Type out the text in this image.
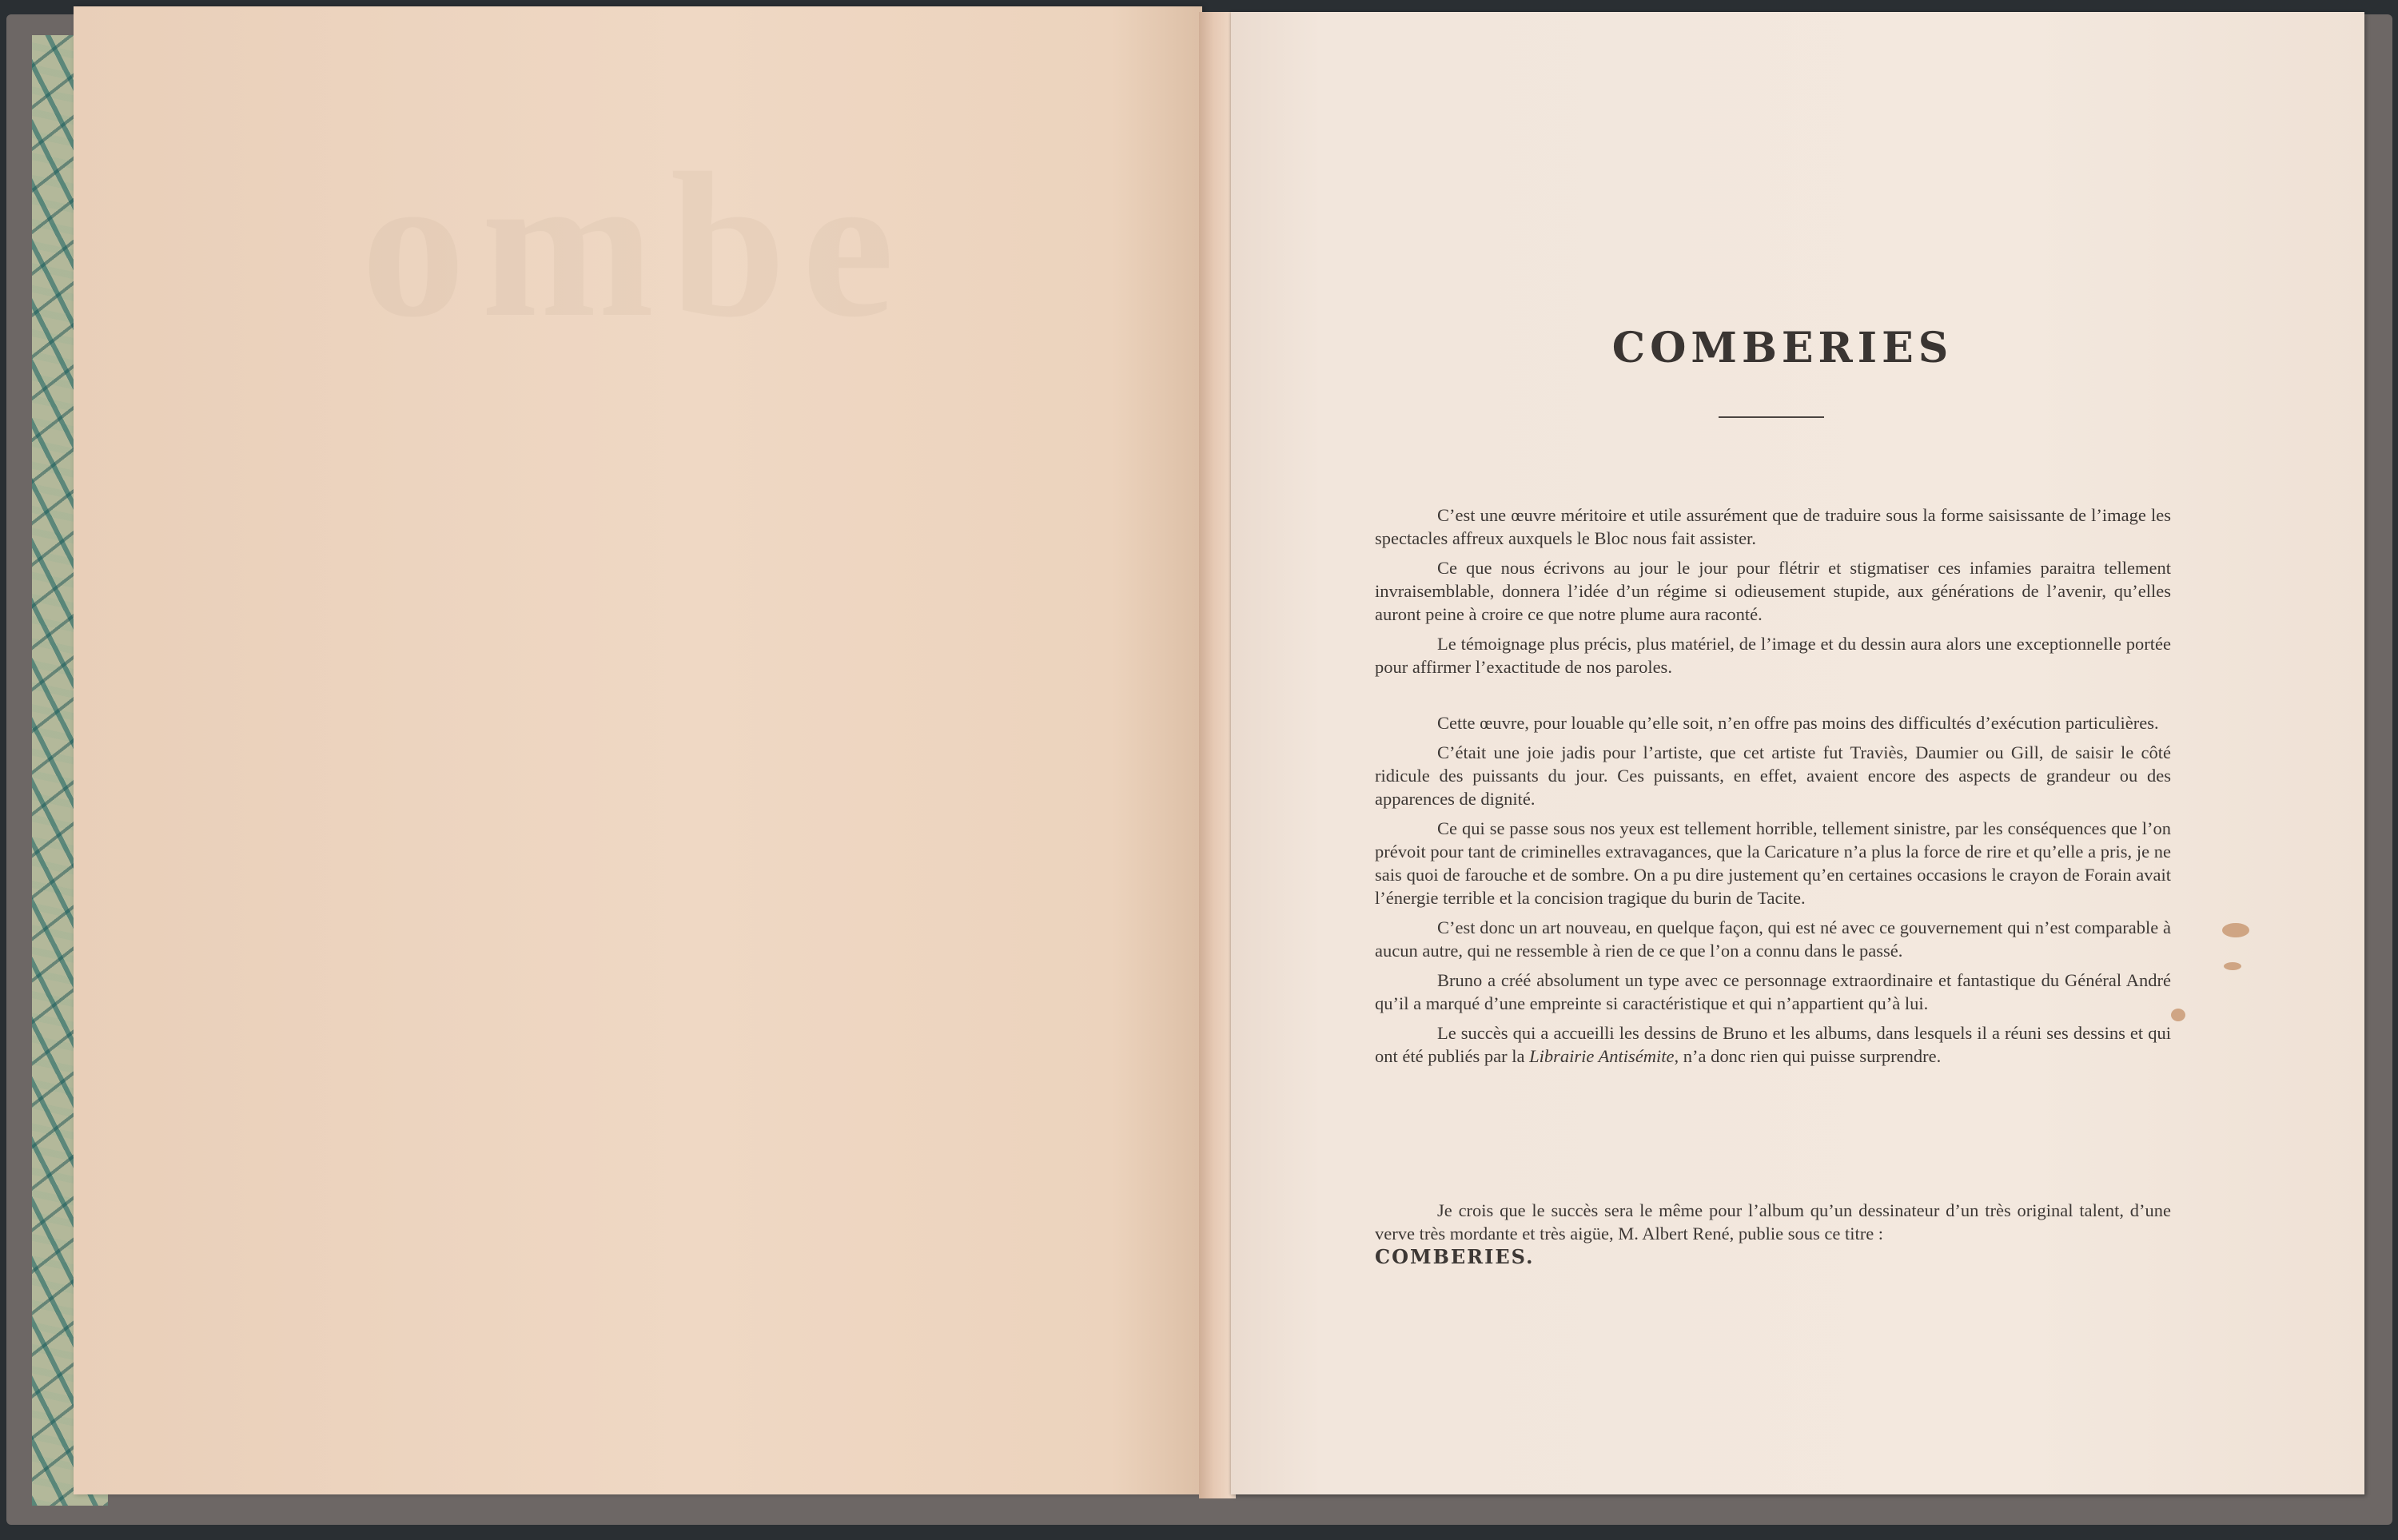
ombe	COMBERIES

C’est une œuvre méritoire et utile assurément que de traduire sous la forme saisissante de l’image les spectacles affreux auxquels le Bloc nous fait assister.

Ce que nous écrivons au jour le jour pour flétrir et stigmatiser ces infamies paraitra tellement invraisemblable, donnera l’idée d’un régime si odieusement stupide, aux générations de l’avenir, qu’elles auront peine à croire ce que notre plume aura raconté.

Le témoignage plus précis, plus matériel, de l’image et du dessin aura alors une exceptionnelle portée pour affirmer l’exactitude de nos paroles.

Cette œuvre, pour louable qu’elle soit, n’en offre pas moins des difficultés d’exécution particulières.

C’était une joie jadis pour l’artiste, que cet artiste fut Traviès, Daumier ou Gill, de saisir le côté ridicule des puissants du jour. Ces puissants, en effet, avaient encore des aspects de grandeur ou des apparences de dignité.

Ce qui se passe sous nos yeux est tellement horrible, tellement sinistre, par les conséquences que l’on prévoit pour tant de criminelles extravagances, que la Caricature n’a plus la force de rire et qu’elle a pris, je ne sais quoi de farouche et de sombre. On a pu dire justement qu’en certaines occasions le crayon de Forain avait l’énergie terrible et la concision tragique du burin de Tacite.

C’est donc un art nouveau, en quelque façon, qui est né avec ce gouvernement qui n’est comparable à aucun autre, qui ne ressemble à rien de ce que l’on a connu dans le passé.

Bruno a créé absolument un type avec ce personnage extraordinaire et fantastique du Général André qu’il a marqué d’une empreinte si caractéristique et qui n’appartient qu’à lui.

Le succès qui a accueilli les dessins de Bruno et les albums, dans lesquels il a réuni ses dessins et qui ont été publiés par la Librairie Antisémite, n’a donc rien qui puisse surprendre.

Je crois que le succès sera le même pour l’album qu’un dessinateur d’un très original talent, d’une verve très mordante et très aigüe, M. Albert René, publie sous ce titre :
COMBERIES.
